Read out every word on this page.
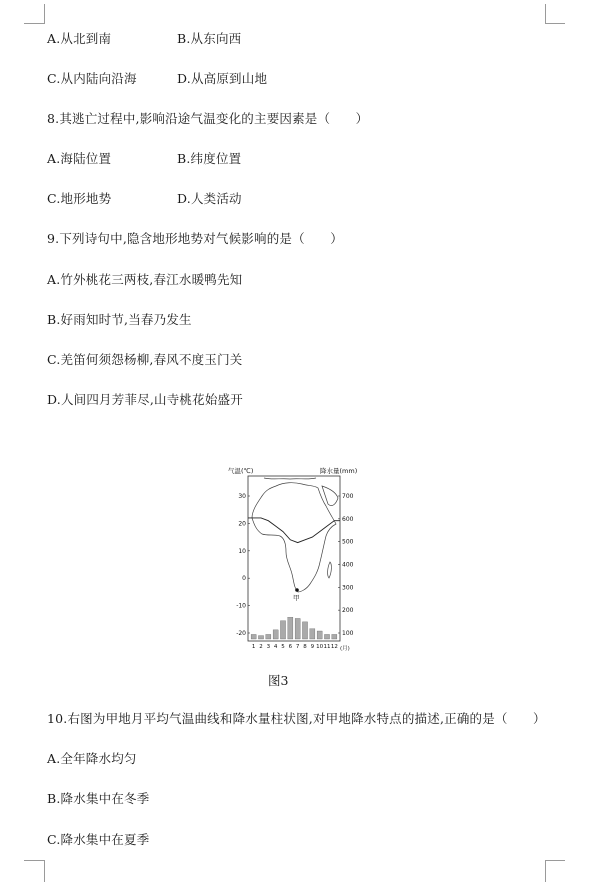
A.从北到南	B.从东向西
C.从内陆向沿海	D.从高原到山地
8.其逃亡过程中,影响沿途气温变化的主要因素是（　　）
A.海陆位置	B.纬度位置
C.地形地势	D.人类活动
9.下列诗句中,隐含地形地势对气候影响的是（　　）
A.竹外桃花三两枝,春江水暖鸭先知
B.好雨知时节,当春乃发生
C.羌笛何须怨杨柳,春风不度玉门关
D.人间四月芳菲尽,山寺桃花始盛开
气温(℃)	降水量(mm)
30
20
10
0
-10
-20
700
600
500
400
300
200
100
1 2 3 4 5 6 7 8 9 10 11 12 (月)
甲
图3
10.右图为甲地月平均气温曲线和降水量柱状图,对甲地降水特点的描述,正确的是（　　）
A.全年降水均匀
B.降水集中在冬季
C.降水集中在夏季
